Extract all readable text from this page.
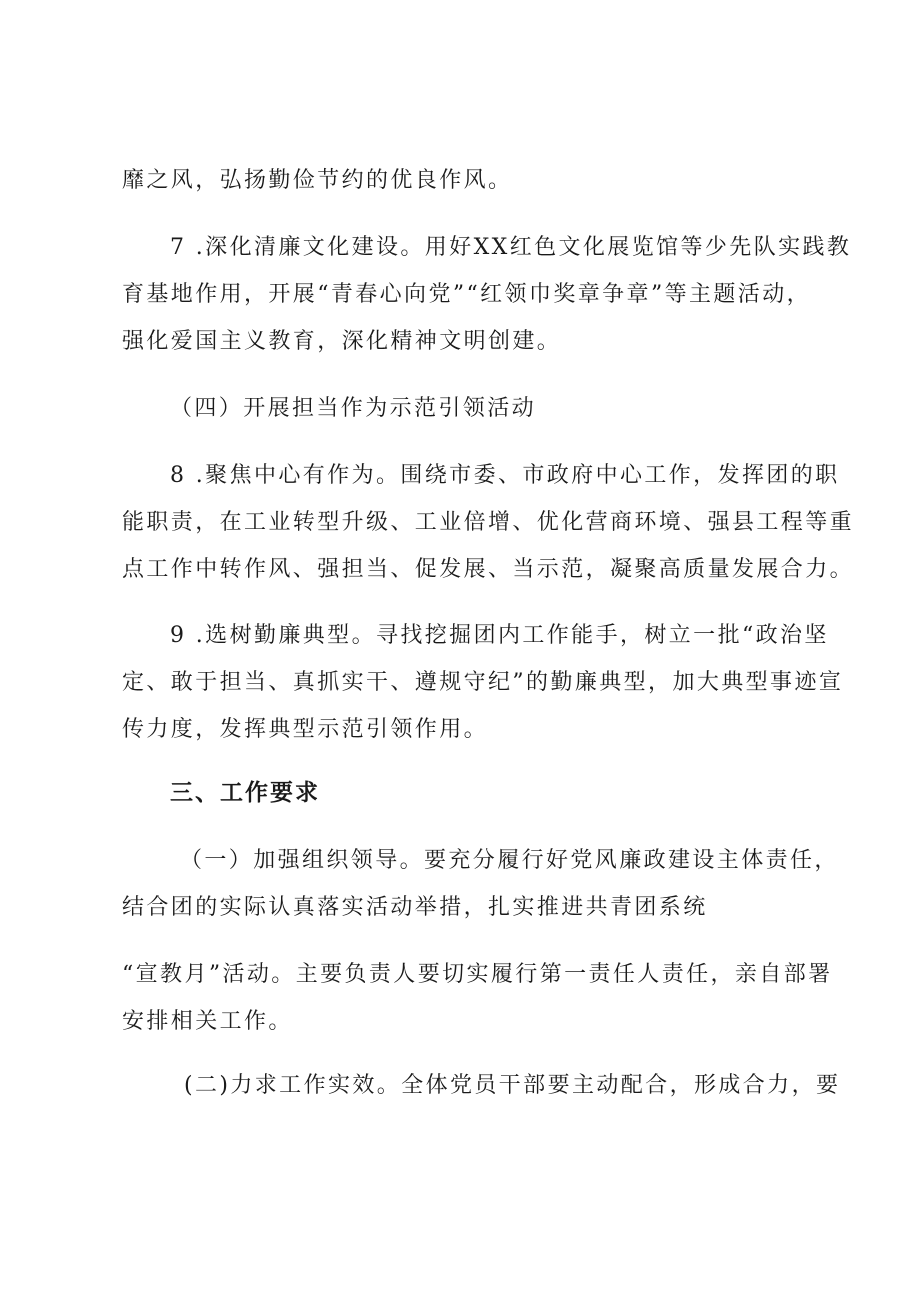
靡之风，弘扬勤俭节约的优良作风。
7 .深化清廉文化建设。用好XX红色文化展览馆等少先队实践教
育基地作用，开展“青春心向党”“红领巾奖章争章”等主题活动，
强化爱国主义教育，深化精神文明创建。
（四）开展担当作为示范引领活动
8 .聚焦中心有作为。围绕市委、市政府中心工作，发挥团的职
能职责，在工业转型升级、工业倍增、优化营商环境、强县工程等重
点工作中转作风、强担当、促发展、当示范，凝聚高质量发展合力。
9 .选树勤廉典型。寻找挖掘团内工作能手，树立一批“政治坚
定、敢于担当、真抓实干、遵规守纪”的勤廉典型，加大典型事迹宣
传力度，发挥典型示范引领作用。
三、工作要求
（一）加强组织领导。要充分履行好党风廉政建设主体责任，
结合团的实际认真落实活动举措，扎实推进共青团系统
“宣教月”活动。主要负责人要切实履行第一责任人责任，亲自部署
安排相关工作。
(二)力求工作实效。全体党员干部要主动配合，形成合力，要
